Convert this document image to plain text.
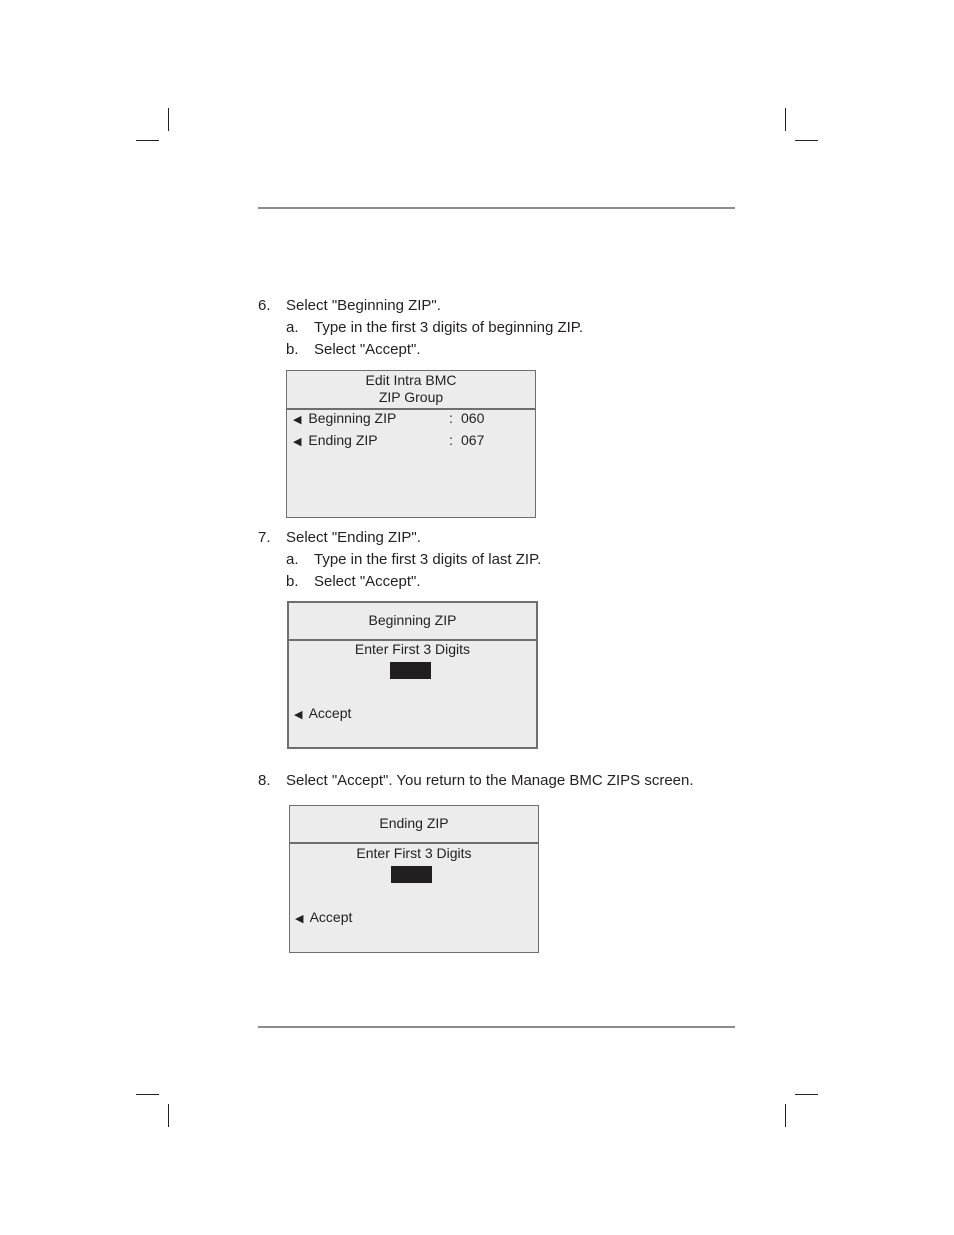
6. Select "Beginning ZIP".
a. Type in the first 3 digits of beginning ZIP.
b. Select "Accept".
Edit Intra BMC
ZIP Group
◀ Beginning ZIP	: 060
◀ Ending ZIP	: 067
7. Select "Ending ZIP".
a. Type in the first 3 digits of last ZIP.
b. Select "Accept".
Beginning ZIP
Enter First 3 Digits
◀ Accept
8. Select "Accept". You return to the Manage BMC ZIPS screen.
Ending ZIP
Enter First 3 Digits
◀ Accept
